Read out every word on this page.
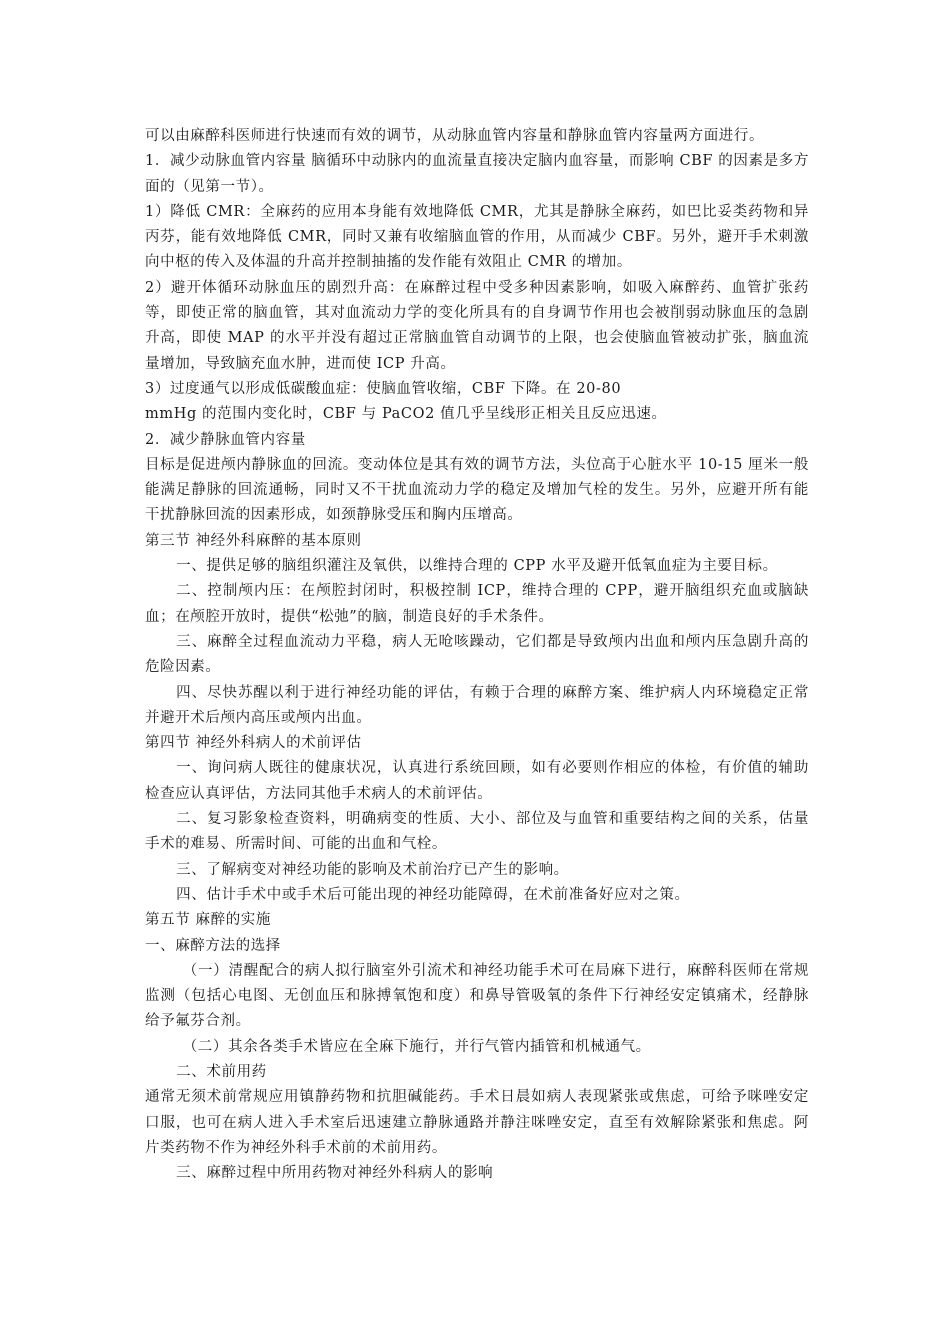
可以由麻醉科医师进行快速而有效的调节，从动脉血管内容量和静脉血管内容量两方面进行。

1．减少动脉血管内容量 脑循环中动脉内的血流量直接决定脑内血容量，而影响 CBF 的因素是多方面的（见第一节）。

1）降低 CMR：全麻药的应用本身能有效地降低 CMR，尤其是静脉全麻药，如巴比妥类药物和异丙芬，能有效地降低 CMR，同时又兼有收缩脑血管的作用，从而减少 CBF。另外，避开手术刺激向中枢的传入及体温的升高并控制抽搐的发作能有效阻止 CMR 的增加。

2）避开体循环动脉血压的剧烈升高：在麻醉过程中受多种因素影响，如吸入麻醉药、血管扩张药等，即使正常的脑血管，其对血流动力学的变化所具有的自身调节作用也会被削弱动脉血压的急剧升高，即使 MAP 的水平并没有超过正常脑血管自动调节的上限，也会使脑血管被动扩张，脑血流量增加，导致脑充血水肿，进而使 ICP 升高。

3）过度通气以形成低碳酸血症：使脑血管收缩，CBF 下降。在 20-80

mmHg 的范围内变化时，CBF 与 PaCO2 值几乎呈线形正相关且反应迅速。

2．减少静脉血管内容量

目标是促进颅内静脉血的回流。变动体位是其有效的调节方法，头位高于心脏水平 10-15 厘米一般能满足静脉的回流通畅，同时又不干扰血流动力学的稳定及增加气栓的发生。另外，应避开所有能干扰静脉回流的因素形成，如颈静脉受压和胸内压增高。

第三节 神经外科麻醉的基本原则

一、提供足够的脑组织灌注及氧供，以维持合理的 CPP 水平及避开低氧血症为主要目标。

二、控制颅内压：在颅腔封闭时，积极控制 ICP，维持合理的 CPP，避开脑组织充血或脑缺血；在颅腔开放时，提供“松弛”的脑，制造良好的手术条件。

三、麻醉全过程血流动力平稳，病人无呛咳躁动，它们都是导致颅内出血和颅内压急剧升高的危险因素。

四、尽快苏醒以利于进行神经功能的评估，有赖于合理的麻醉方案、维护病人内环境稳定正常并避开术后颅内高压或颅内出血。

第四节 神经外科病人的术前评估

一、询问病人既往的健康状况，认真进行系统回顾，如有必要则作相应的体检，有价值的辅助检查应认真评估，方法同其他手术病人的术前评估。

二、复习影象检查资料，明确病变的性质、大小、部位及与血管和重要结构之间的关系，估量手术的难易、所需时间、可能的出血和气栓。

三、了解病变对神经功能的影响及术前治疗已产生的影响。

四、估计手术中或手术后可能出现的神经功能障碍，在术前准备好应对之策。

第五节 麻醉的实施

一、麻醉方法的选择

（一）清醒配合的病人拟行脑室外引流术和神经功能手术可在局麻下进行，麻醉科医师在常规监测（包括心电图、无创血压和脉搏氧饱和度）和鼻导管吸氧的条件下行神经安定镇痛术，经静脉给予氟芬合剂。

（二）其余各类手术皆应在全麻下施行，并行气管内插管和机械通气。

二、术前用药

通常无须术前常规应用镇静药物和抗胆碱能药。手术日晨如病人表现紧张或焦虑，可给予咪唑安定口服，也可在病人进入手术室后迅速建立静脉通路并静注咪唑安定，直至有效解除紧张和焦虑。阿片类药物不作为神经外科手术前的术前用药。

三、麻醉过程中所用药物对神经外科病人的影响
